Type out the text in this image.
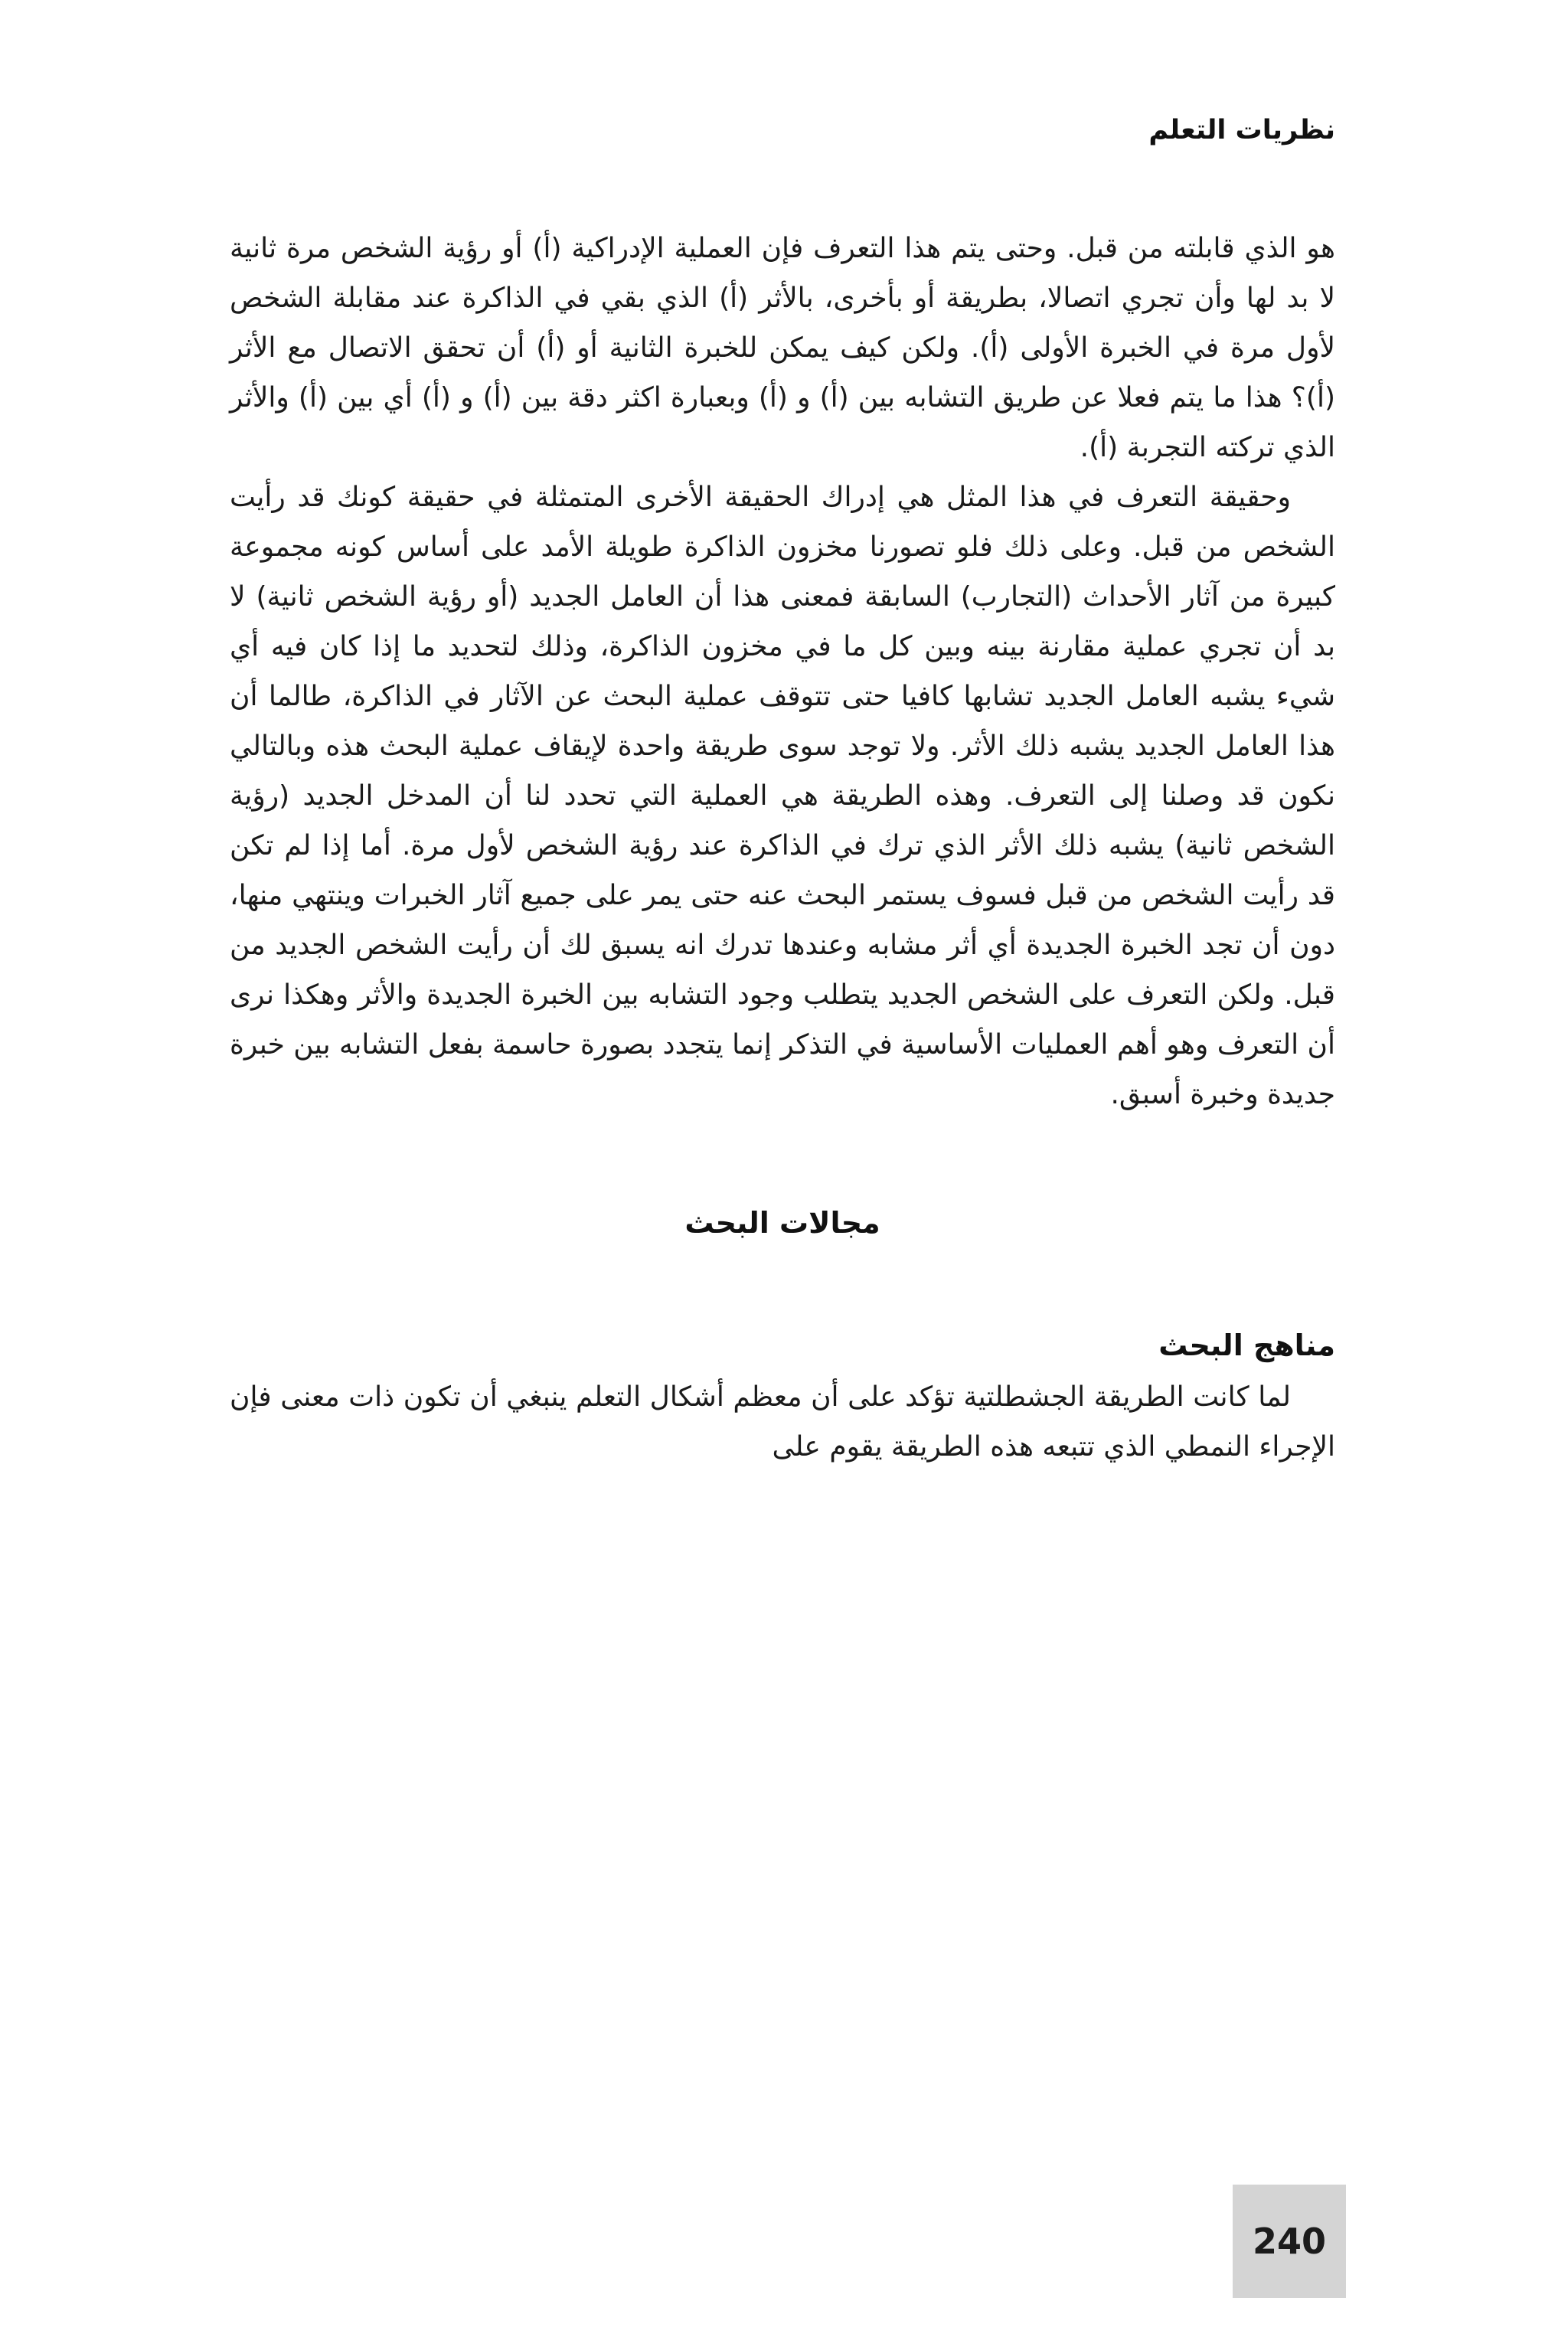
نظريات التعلم

هو الذي قابلته من قبل. وحتى يتم هذا التعرف فإن العملية الإدراكية (أ) أو رؤية الشخص مرة ثانية لا بد لها وأن تجري اتصالا، بطريقة أو بأخرى، بالأثر (أ) الذي بقي في الذاكرة عند مقابلة الشخص لأول مرة في الخبرة الأولى (أ). ولكن كيف يمكن للخبرة الثانية أو (أ) أن تحقق الاتصال مع الأثر (أ)؟ هذا ما يتم فعلا عن طريق التشابه بين (أ) و (أ) وبعبارة اكثر دقة بين (أ) و (أ) أي بين (أ) والأثر الذي تركته التجربة (أ).

وحقيقة التعرف في هذا المثل هي إدراك الحقيقة الأخرى المتمثلة في حقيقة كونك قد رأيت الشخص من قبل. وعلى ذلك فلو تصورنا مخزون الذاكرة طويلة الأمد على أساس كونه مجموعة كبيرة من آثار الأحداث (التجارب) السابقة فمعنى هذا أن العامل الجديد (أو رؤية الشخص ثانية) لا بد أن تجري عملية مقارنة بينه وبين كل ما في مخزون الذاكرة، وذلك لتحديد ما إذا كان فيه أي شيء يشبه العامل الجديد تشابها كافيا حتى تتوقف عملية البحث عن الآثار في الذاكرة، طالما أن هذا العامل الجديد يشبه ذلك الأثر. ولا توجد سوى طريقة واحدة لإيقاف عملية البحث هذه وبالتالي نكون قد وصلنا إلى التعرف. وهذه الطريقة هي العملية التي تحدد لنا أن المدخل الجديد (رؤية الشخص ثانية) يشبه ذلك الأثر الذي ترك في الذاكرة عند رؤية الشخص لأول مرة. أما إذا لم تكن قد رأيت الشخص من قبل فسوف يستمر البحث عنه حتى يمر على جميع آثار الخبرات وينتهي منها، دون أن تجد الخبرة الجديدة أي أثر مشابه وعندها تدرك انه يسبق لك أن رأيت الشخص الجديد من قبل. ولكن التعرف على الشخص الجديد يتطلب وجود التشابه بين الخبرة الجديدة والأثر وهكذا نرى أن التعرف وهو أهم العمليات الأساسية في التذكر إنما يتجدد بصورة حاسمة بفعل التشابه بين خبرة جديدة وخبرة أسبق.

مجالات البحث
مناهج البحث

لما كانت الطريقة الجشطلتية تؤكد على أن معظم أشكال التعلم ينبغي أن تكون ذات معنى فإن الإجراء النمطي الذي تتبعه هذه الطريقة يقوم على

240
